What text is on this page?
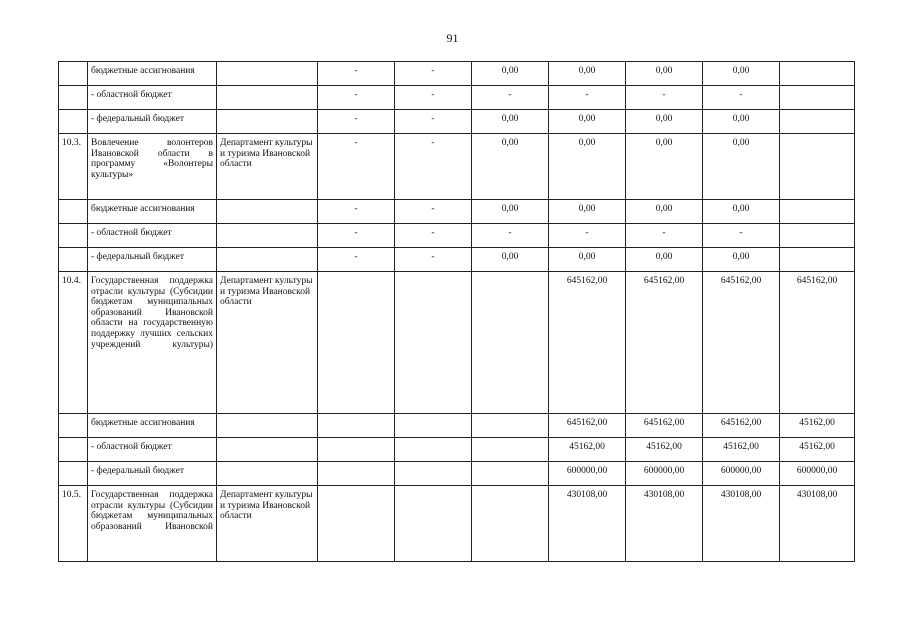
91
	бюджетные ассигнования		-	-	0,00	0,00	0,00	0,00	
	- областной бюджет		-	-	-	-	-	-	
	- федеральный бюджет		-	-	0,00	0,00	0,00	0,00	
10.3.	Вовлечение волонтеров Ивановской области в программу «Волонтеры культуры»	Департамент культуры и туризма Ивановской области	-	-	0,00	0,00	0,00	0,00	
	бюджетные ассигнования		-	-	0,00	0,00	0,00	0,00	
	- областной бюджет		-	-	-	-	-	-	
	- федеральный бюджет		-	-	0,00	0,00	0,00	0,00	
10.4.	Государственная поддержка отрасли культуры (Субсидии бюджетам муниципальных образований Ивановской области на государственную поддержку лучших сельских учреждений культуры)	Департамент культуры и туризма Ивановской области				645162,00	645162,00	645162,00	645162,00
	бюджетные ассигнования					645162,00	645162,00	645162,00	45162,00
	- областной бюджет					45162,00	45162,00	45162,00	45162,00
	- федеральный бюджет					600000,00	600000,00	600000,00	600000,00
10.5.	Государственная поддержка отрасли культуры (Субсидии бюджетам муниципальных образований Ивановской	Департамент культуры и туризма Ивановской области				430108,00	430108,00	430108,00	430108,00
